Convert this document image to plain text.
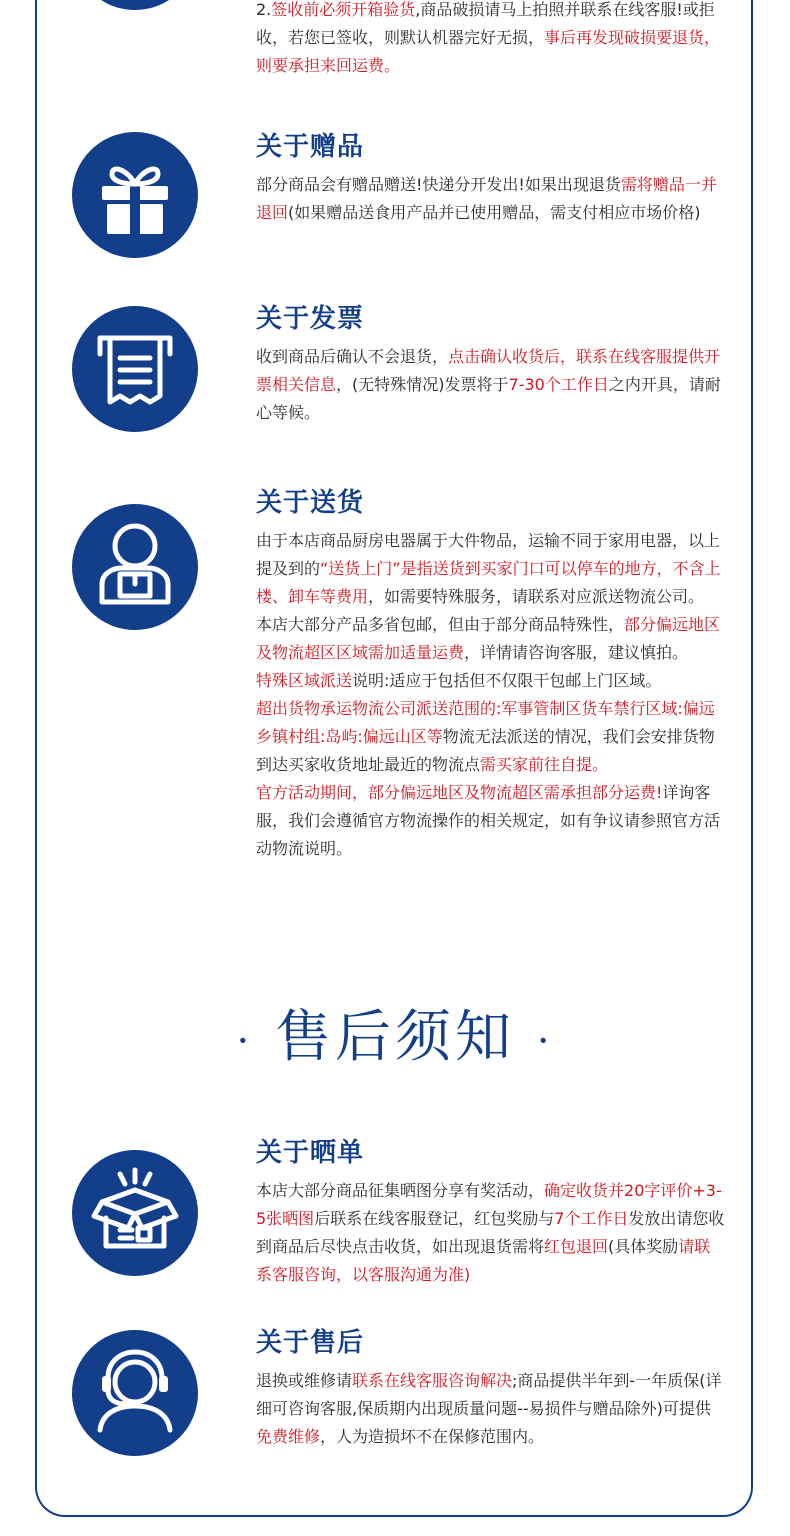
2.签收前必须开箱验货,商品破损请马上拍照并联系在线客服!或拒收，若您已签收，则默认机器完好无损，事后再发现破损要退货，则要承担来回运费。

关于赠品

部分商品会有赠品赠送!快递分开发出!如果出现退货需将赠品一并退回(如果赠品送食用产品并已使用赠品，需支付相应市场价格)

关于发票

收到商品后确认不会退货，点击确认收货后，联系在线客服提供开票相关信息，(无特殊情况)发票将于7-30个工作日之内开具，请耐心等候。

关于送货

由于本店商品厨房电器属于大件物品，运输不同于家用电器，以上提及到的“送货上门”是指送货到买家门口可以停车的地方，不含上楼、卸车等费用，如需要特殊服务，请联系对应派送物流公司。

本店大部分产品多省包邮，但由于部分商品特殊性，部分偏远地区及物流超区区域需加适量运费，详情请咨询客服，建议慎拍。

特殊区域派送说明:适应于包括但不仅限干包邮上门区域。

超出货物承运物流公司派送范围的:军事管制区货车禁行区域:偏远乡镇村组:岛屿:偏远山区等物流无法派送的情况，我们会安排货物到达买家收货地址最近的物流点需买家前往自提。

官方活动期间，部分偏远地区及物流超区需承担部分运费!详询客服，我们会遵循官方物流操作的相关规定，如有争议请参照官方活动物流说明。

· 售后须知 ·
关于晒单

本店大部分商品征集晒图分享有奖活动，确定收货并20字评价+3-5张晒图后联系在线客服登记，红包奖励与7个工作日发放出请您收到商品后尽快点击收货，如出现退货需将红包退回(具体奖励请联系客服咨询，以客服沟通为准)

关于售后

退换或维修请联系在线客服咨询解决;商品提供半年到-一年质保(详细可咨询客服,保质期内出现质量问题--易损件与赠品除外)可提供免费维修，人为造损坏不在保修范围内。
